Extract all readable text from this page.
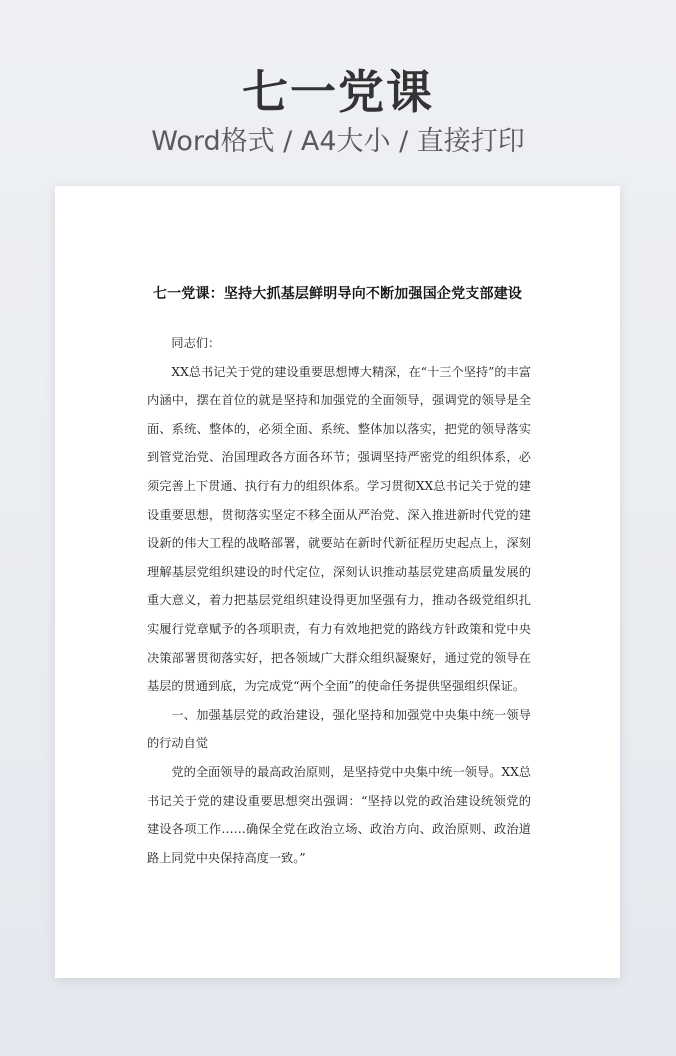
七一党课
Word格式 / A4大小 / 直接打印
七一党课：坚持大抓基层鲜明导向不断加强国企党支部建设

同志们：

XX总书记关于党的建设重要思想博大精深，在“十三个坚持”的丰富内涵中，摆在首位的就是坚持和加强党的全面领导，强调党的领导是全面、系统、整体的，必须全面、系统、整体加以落实，把党的领导落实到管党治党、治国理政各方面各环节；强调坚持严密党的组织体系，必须完善上下贯通、执行有力的组织体系。学习贯彻XX总书记关于党的建设重要思想，贯彻落实坚定不移全面从严治党、深入推进新时代党的建设新的伟大工程的战略部署，就要站在新时代新征程历史起点上，深刻理解基层党组织建设的时代定位，深刻认识推动基层党建高质量发展的重大意义，着力把基层党组织建设得更加坚强有力，推动各级党组织扎实履行党章赋予的各项职责，有力有效地把党的路线方针政策和党中央决策部署贯彻落实好，把各领域广大群众组织凝聚好，通过党的领导在基层的贯通到底，为完成党“两个全面”的使命任务提供坚强组织保证。

一、加强基层党的政治建设，强化坚持和加强党中央集中统一领导的行动自觉

党的全面领导的最高政治原则，是坚持党中央集中统一领导。XX总书记关于党的建设重要思想突出强调：“坚持以党的政治建设统领党的建设各项工作……确保全党在政治立场、政治方向、政治原则、政治道路上同党中央保持高度一致。”
